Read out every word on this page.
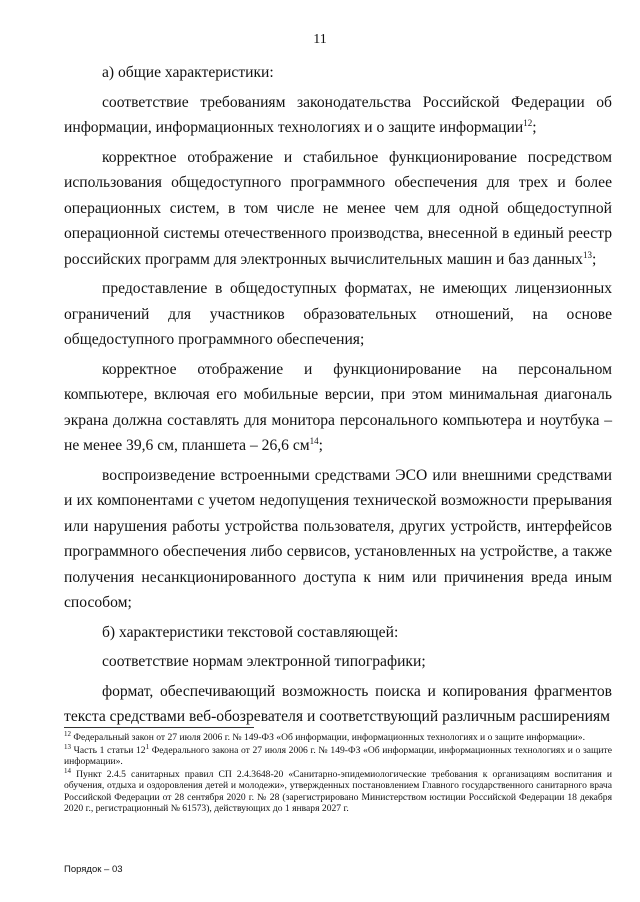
11

а) общие характеристики:

соответствие требованиям законодательства Российской Федерации об информации, информационных технологиях и о защите информации$^{12}$;

корректное отображение и стабильное функционирование посредством использования общедоступного программного обеспечения для трех и более операционных систем, в том числе не менее чем для одной общедоступной операционной системы отечественного производства, внесенной в единый реестр российских программ для электронных вычислительных машин и баз данных$^{13}$;

предоставление в общедоступных форматах, не имеющих лицензионных ограничений для участников образовательных отношений, на основе общедоступного программного обеспечения;

корректное отображение и функционирование на персональном компьютере, включая его мобильные версии, при этом минимальная диагональ экрана должна составлять для монитора персонального компьютера и ноутбука – не менее 39,6 см, планшета – 26,6 $см^{14}$;

воспроизведение встроенными средствами ЭСО или внешними средствами и их компонентами с учетом недопущения технической возможности прерывания или нарушения работы устройства пользователя, других устройств, интерфейсов программного обеспечения либо сервисов, установленных на устройстве, а также получения несанкционированного доступа к ним или причинения вреда иным способом;

б) характеристики текстовой составляющей:

соответствие нормам электронной типографики;

формат, обеспечивающий возможность поиска и копирования фрагментов текста средствами веб-обозревателя и соответствующий различным расширениям

$^{12}$ Федеральный закон от 27 июля 2006 г. № 149-ФЗ «Об информации, информационных технологиях и о защите информации».

$^{13}$ Часть 1 статьи $12^1$ Федерального закона от 27 июля 2006 г. № 149-ФЗ «Об информации, информационных технологиях и о защите информации».

$^{14}$ Пункт 2.4.5 санитарных правил СП 2.4.3648-20 «Санитарно-эпидемиологические требования к организациям воспитания и обучения, отдыха и оздоровления детей и молодежи», утвержденных постановлением Главного государственного санитарного врача Российской Федерации от 28 сентября 2020 г. № 28 (зарегистрировано Министерством юстиции Российской Федерации 18 декабря 2020 г., регистрационный № 61573), действующих до 1 января 2027 г.

Порядок – 03
